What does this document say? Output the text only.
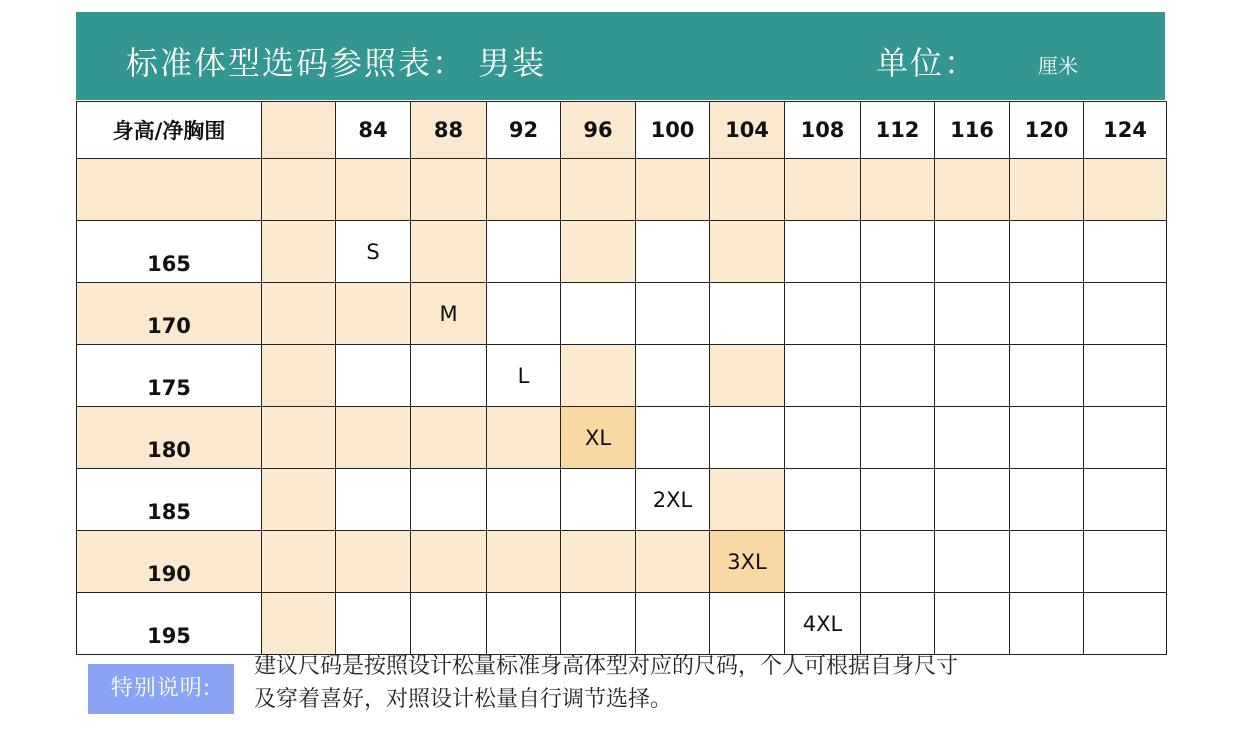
标准体型选码参照表： 男装	单位：	厘米
身高/净胸围		84	88	92	96	100	104	108	112	116	120	124

165		S										
170			M									
175				L								
180					XL							
185						2XL						
190							3XL					
195								4XL				
特别说明:
建议尺码是按照设计松量标准身高体型对应的尺码，个人可根据自身尺寸
及穿着喜好，对照设计松量自行调节选择。
